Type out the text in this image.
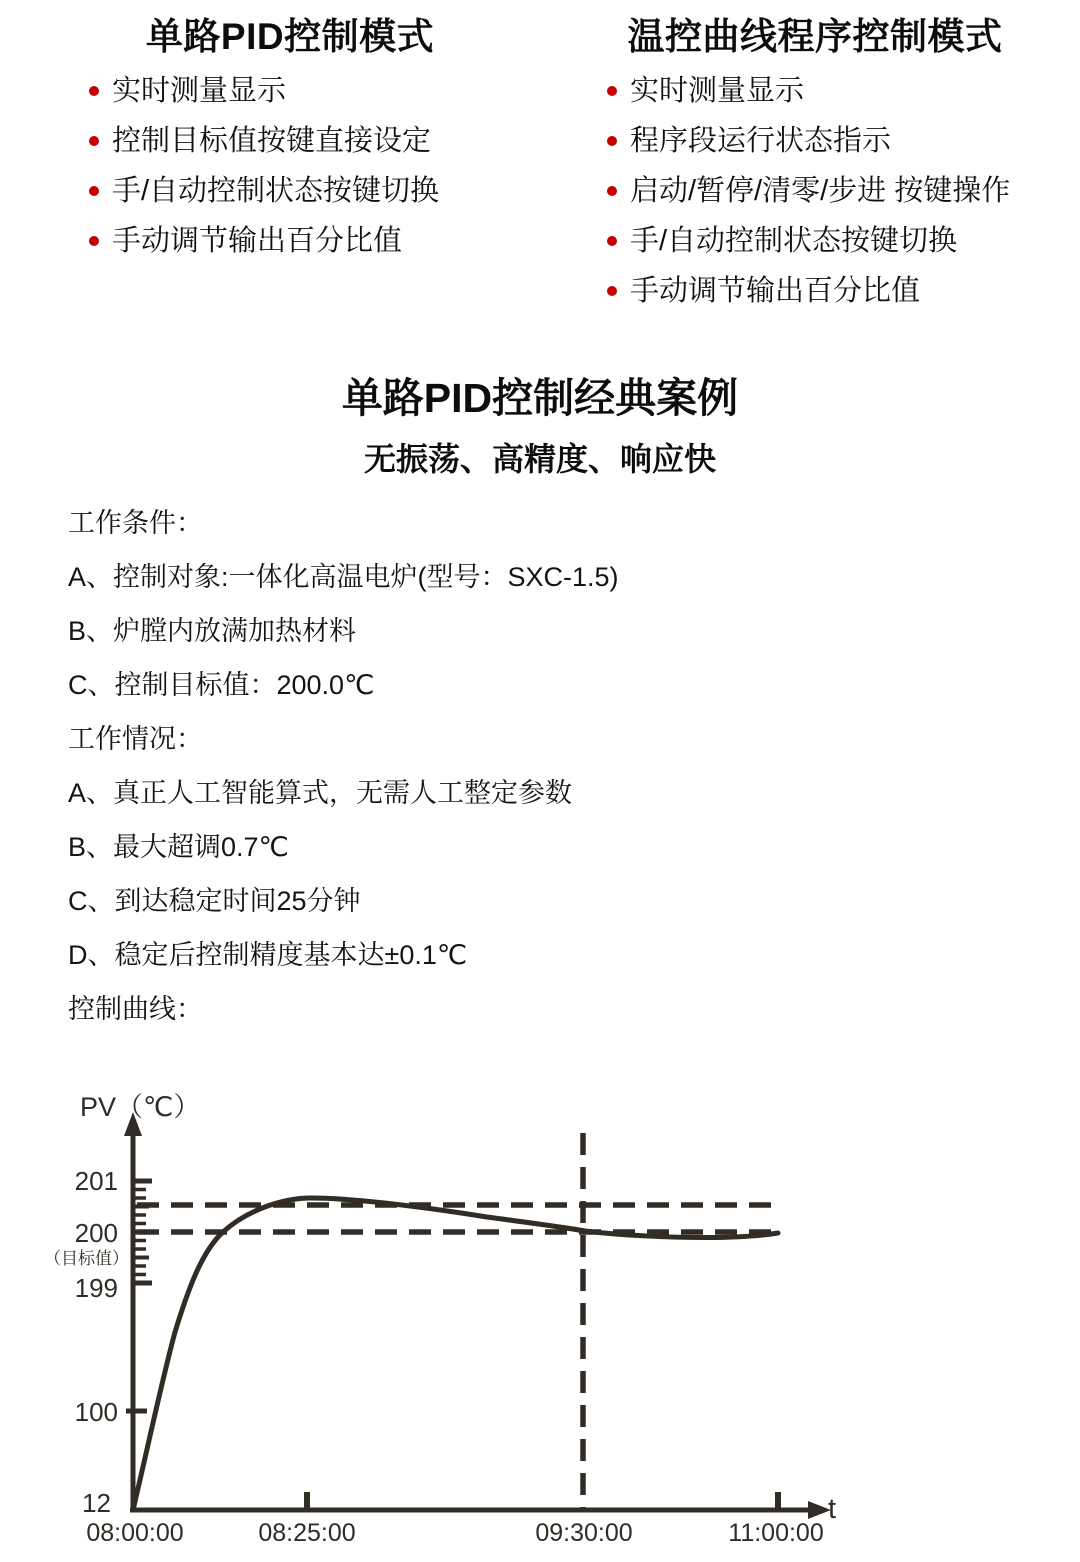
单路PID控制模式
实时测量显示
控制目标值按键直接设定
手/自动控制状态按键切换
手动调节输出百分比值
温控曲线程序控制模式
实时测量显示
程序段运行状态指示
启动/暂停/清零/步进 按键操作
手/自动控制状态按键切换
手动调节输出百分比值
单路PID控制经典案例
无振荡、高精度、响应快

工作条件：

A、控制对象:一体化高温电炉(型号：SXC-1.5)

B、炉膛内放满加热材料

C、控制目标值：200.0℃

工作情况：

A、真正人工智能算式，无需人工整定参数

B、最大超调0.7℃

C、到达稳定时间25分钟

D、稳定后控制精度基本达±0.1℃

控制曲线：

PV（℃）
t
201
200
（目标值）
199
100
12
08:00:00	08:25:00	09:30:00	11:00:00
